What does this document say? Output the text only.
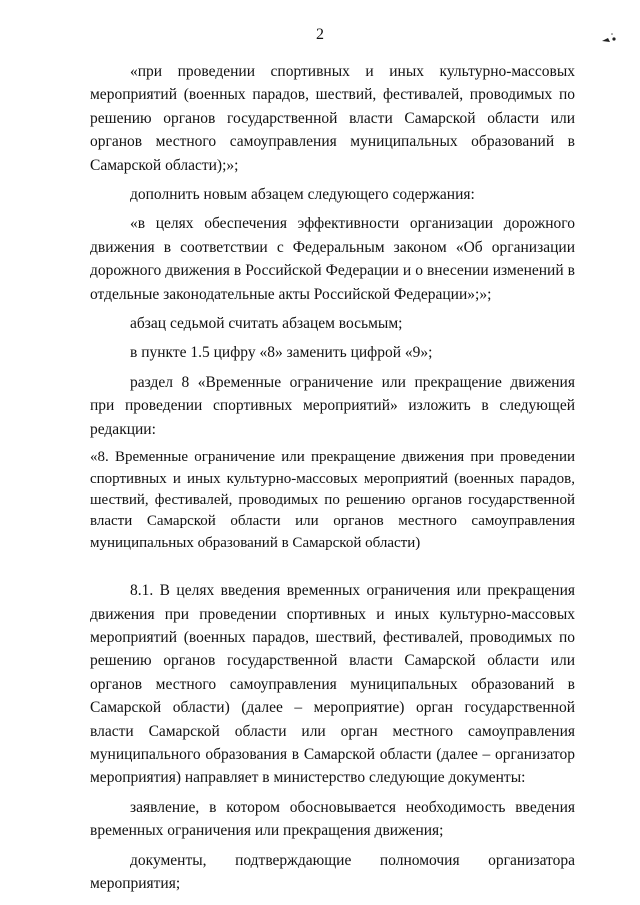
2

«при проведении спортивных и иных культурно-массовых мероприятий (военных парадов, шествий, фестивалей, проводимых по решению органов государственной власти Самарской области или органов местного самоуправления муниципальных образований в Самарской области);»;

дополнить новым абзацем следующего содержания:

«в целях обеспечения эффективности организации дорожного движения в соответствии с Федеральным законом «Об организации дорожного движения в Российской Федерации и о внесении изменений в отдельные законодательные акты Российской Федерации»;»;

абзац седьмой считать абзацем восьмым;

в пункте 1.5 цифру «8» заменить цифрой «9»;

раздел 8 «Временные ограничение или прекращение движения при проведении спортивных мероприятий» изложить в следующей редакции:

«8. Временные ограничение или прекращение движения при проведении спортивных и иных культурно-массовых мероприятий (военных парадов, шествий, фестивалей, проводимых по решению органов государственной власти Самарской области или органов местного самоуправления муниципальных образований в Самарской области)

8.1. В целях введения временных ограничения или прекращения движения при проведении спортивных и иных культурно-массовых мероприятий (военных парадов, шествий, фестивалей, проводимых по решению органов государственной власти Самарской области или органов местного самоуправления муниципальных образований в Самарской области) (далее – мероприятие) орган государственной власти Самарской области или орган местного самоуправления муниципального образования в Самарской области (далее – организатор мероприятия) направляет в министерство следующие документы:

заявление, в котором обосновывается необходимость введения временных ограничения или прекращения движения;

документы, подтверждающие полномочия организатора мероприятия;
